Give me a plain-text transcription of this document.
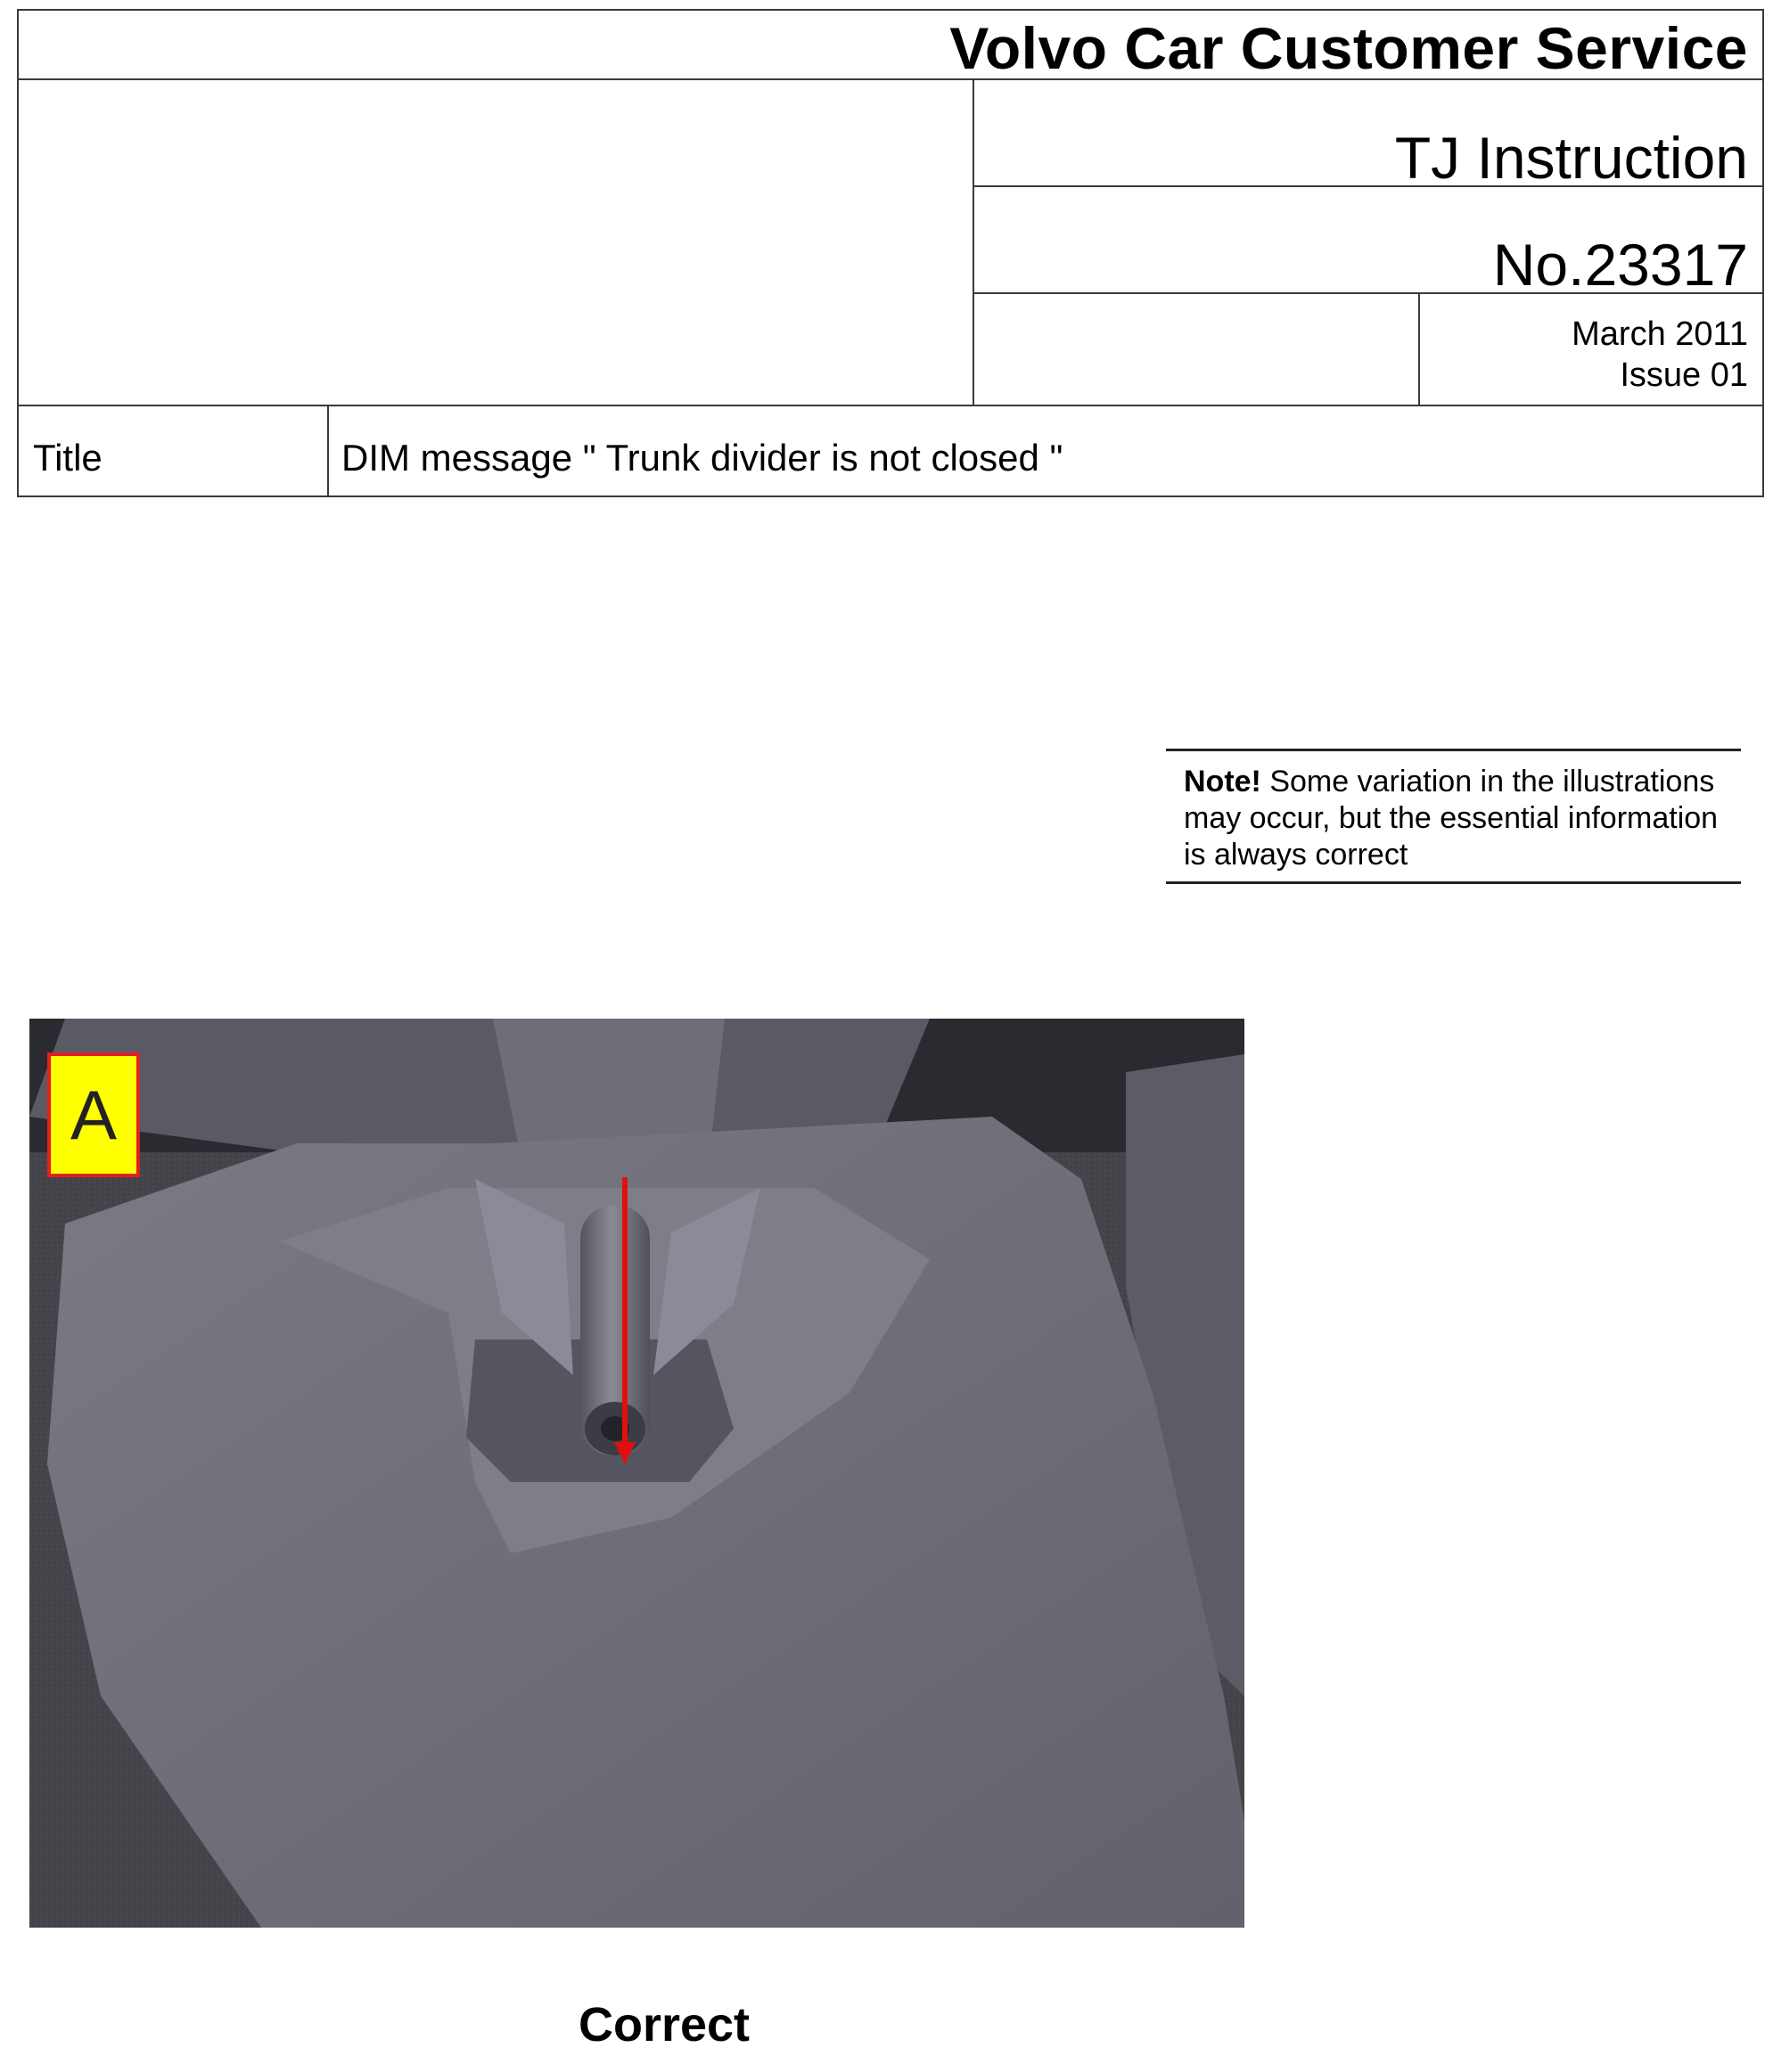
Volvo Car Customer Service
TJ Instruction
No.23317
March 2011
Issue 01
Title	DIM message " Trunk divider is not closed "
Note! Some variation in the illustrations may occur, but the essential information is always correct
A
Correct
